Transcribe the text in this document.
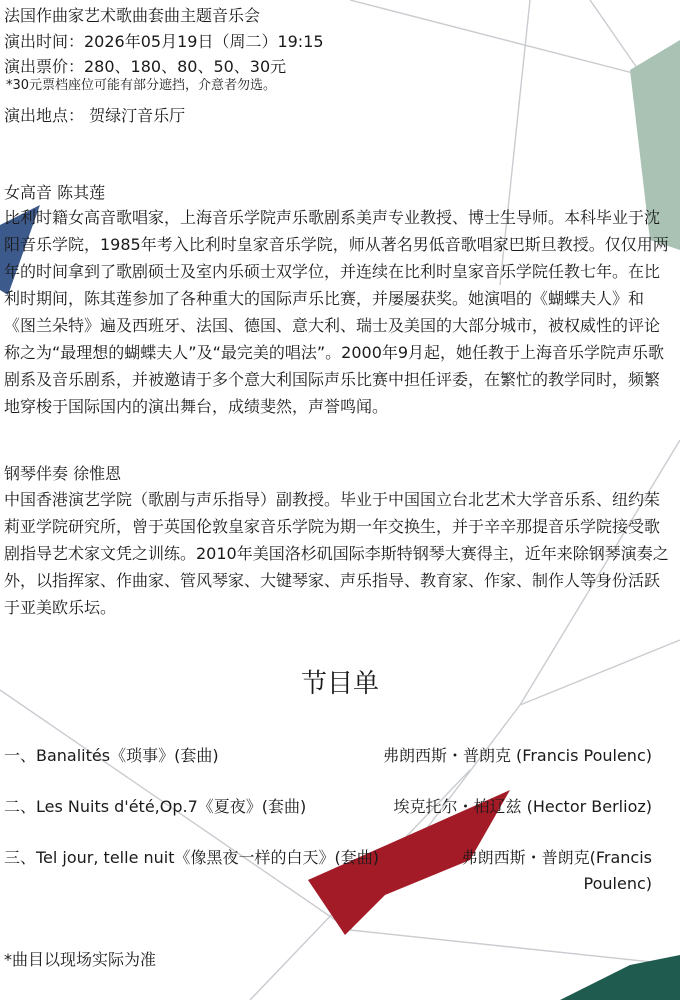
法国作曲家艺术歌曲套曲主题音乐会
演出时间：2026年05月19日（周二）19:15
演出票价：280、180、80、50、30元
*30元票档座位可能有部分遮挡，介意者勿选。
演出地点： 贺绿汀音乐厅
女高音 陈其莲
比利时籍女高音歌唱家，上海音乐学院声乐歌剧系美声专业教授、博士生导师。本科毕业于沈阳音乐学院，1985年考入比利时皇家音乐学院，师从著名男低音歌唱家巴斯旦教授。仅仅用两年的时间拿到了歌剧硕士及室内乐硕士双学位，并连续在比利时皇家音乐学院任教七年。在比利时期间，陈其莲参加了各种重大的国际声乐比赛，并屡屡获奖。她演唱的《蝴蝶夫人》和《图兰朵特》遍及西班牙、法国、德国、意大利、瑞士及美国的大部分城市，被权威性的评论称之为“最理想的蝴蝶夫人”及“最完美的唱法”。2000年9月起，她任教于上海音乐学院声乐歌剧系及音乐剧系，并被邀请于多个意大利国际声乐比赛中担任评委，在繁忙的教学同时，频繁地穿梭于国际国内的演出舞台，成绩斐然，声誉鸣闻。
钢琴伴奏 徐惟恩
中国香港演艺学院（歌剧与声乐指导）副教授。毕业于中国国立台北艺术大学音乐系、纽约茱莉亚学院研究所，曾于英国伦敦皇家音乐学院为期一年交换生，并于辛辛那提音乐学院接受歌剧指导艺术家文凭之训练。2010年美国洛杉矶国际李斯特钢琴大赛得主，近年来除钢琴演奏之外，以指挥家、作曲家、管风琴家、大键琴家、声乐指导、教育家、作家、制作人等身份活跃于亚美欧乐坛。
节目单
一、Banalités《琐事》(套曲)	弗朗西斯・普朗克 (Francis Poulenc)
二、Les Nuits d'été,Op.7《夏夜》(套曲)	埃克托尔・柏辽兹 (Hector Berlioz)
三、Tel jour, telle nuit《像黑夜一样的白天》(套曲)	弗朗西斯・普朗克(Francis Poulenc)
*曲目以现场实际为准
